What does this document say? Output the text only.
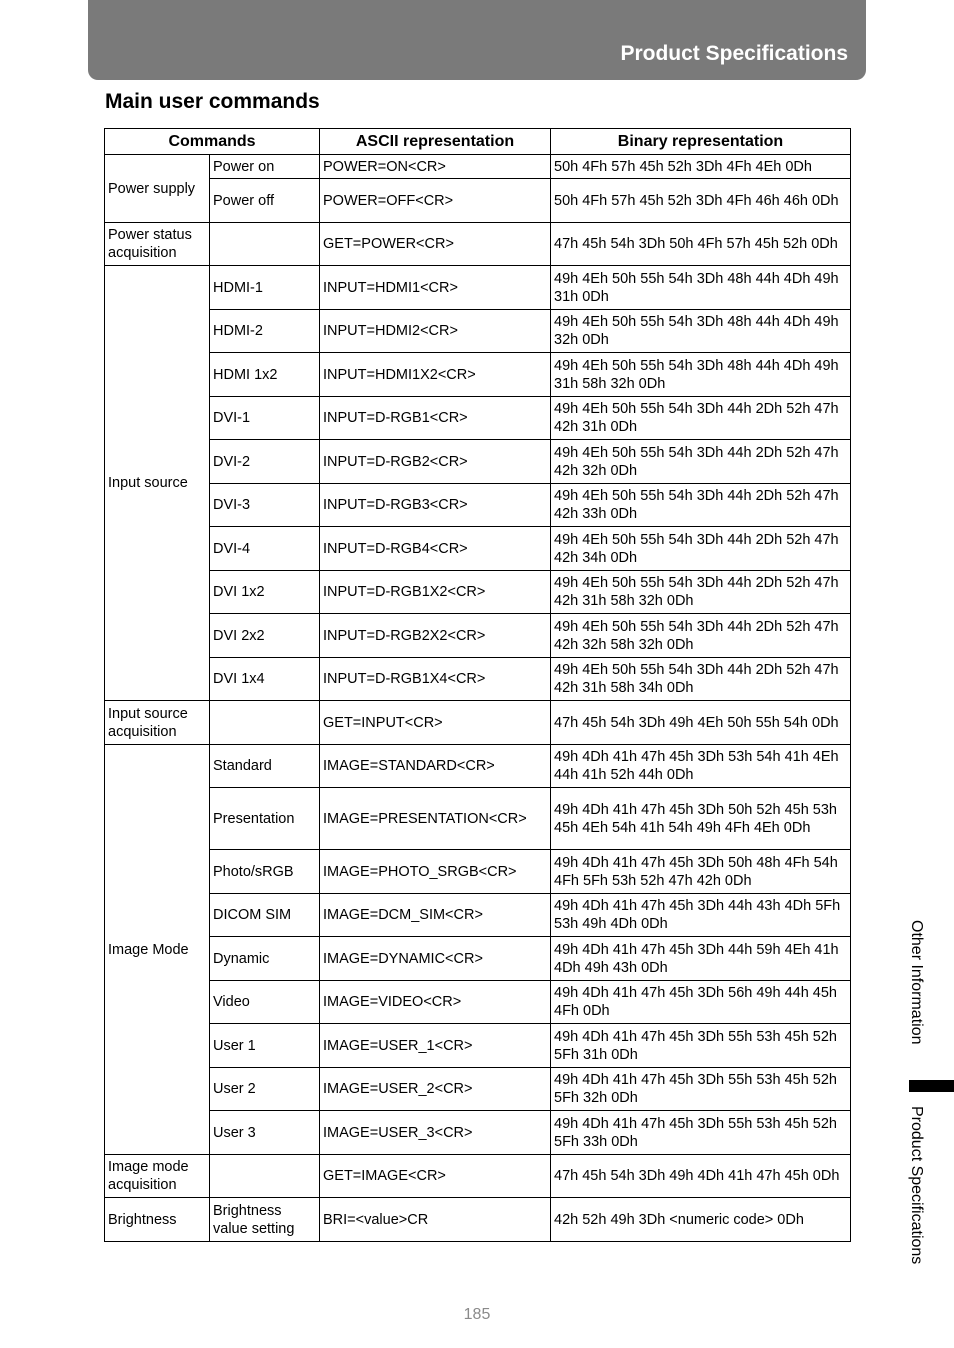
Product Specifications
Main user commands
Commands		ASCII representation	Binary representation
Power supply	Power on	POWER=ON<CR>	50h 4Fh 57h 45h 52h 3Dh 4Fh 4Eh 0Dh
	Power off	POWER=OFF<CR>	50h 4Fh 57h 45h 52h 3Dh 4Fh 46h 46h 0Dh
Power status acquisition		GET=POWER<CR>	47h 45h 54h 3Dh 50h 4Fh 57h 45h 52h 0Dh
Input source	HDMI-1	INPUT=HDMI1<CR>	49h 4Eh 50h 55h 54h 3Dh 48h 44h 4Dh 49h 31h 0Dh
	HDMI-2	INPUT=HDMI2<CR>	49h 4Eh 50h 55h 54h 3Dh 48h 44h 4Dh 49h 32h 0Dh
	HDMI 1x2	INPUT=HDMI1X2<CR>	49h 4Eh 50h 55h 54h 3Dh 48h 44h 4Dh 49h 31h 58h 32h 0Dh
	DVI-1	INPUT=D-RGB1<CR>	49h 4Eh 50h 55h 54h 3Dh 44h 2Dh 52h 47h 42h 31h 0Dh
	DVI-2	INPUT=D-RGB2<CR>	49h 4Eh 50h 55h 54h 3Dh 44h 2Dh 52h 47h 42h 32h 0Dh
	DVI-3	INPUT=D-RGB3<CR>	49h 4Eh 50h 55h 54h 3Dh 44h 2Dh 52h 47h 42h 33h 0Dh
	DVI-4	INPUT=D-RGB4<CR>	49h 4Eh 50h 55h 54h 3Dh 44h 2Dh 52h 47h 42h 34h 0Dh
	DVI 1x2	INPUT=D-RGB1X2<CR>	49h 4Eh 50h 55h 54h 3Dh 44h 2Dh 52h 47h 42h 31h 58h 32h 0Dh
	DVI 2x2	INPUT=D-RGB2X2<CR>	49h 4Eh 50h 55h 54h 3Dh 44h 2Dh 52h 47h 42h 32h 58h 32h 0Dh
	DVI 1x4	INPUT=D-RGB1X4<CR>	49h 4Eh 50h 55h 54h 3Dh 44h 2Dh 52h 47h 42h 31h 58h 34h 0Dh
Input source acquisition		GET=INPUT<CR>	47h 45h 54h 3Dh 49h 4Eh 50h 55h 54h 0Dh
Image Mode	Standard	IMAGE=STANDARD<CR>	49h 4Dh 41h 47h 45h 3Dh 53h 54h 41h 4Eh 44h 41h 52h 44h 0Dh
	Presentation	IMAGE=PRESENTATION<CR>	49h 4Dh 41h 47h 45h 3Dh 50h 52h 45h 53h 45h 4Eh 54h 41h 54h 49h 4Fh 4Eh 0Dh
	Photo/sRGB	IMAGE=PHOTO_SRGB<CR>	49h 4Dh 41h 47h 45h 3Dh 50h 48h 4Fh 54h 4Fh 5Fh 53h 52h 47h 42h 0Dh
	DICOM SIM	IMAGE=DCM_SIM<CR>	49h 4Dh 41h 47h 45h 3Dh 44h 43h 4Dh 5Fh 53h 49h 4Dh 0Dh
	Dynamic	IMAGE=DYNAMIC<CR>	49h 4Dh 41h 47h 45h 3Dh 44h 59h 4Eh 41h 4Dh 49h 43h 0Dh
	Video	IMAGE=VIDEO<CR>	49h 4Dh 41h 47h 45h 3Dh 56h 49h 44h 45h 4Fh 0Dh
	User 1	IMAGE=USER_1<CR>	49h 4Dh 41h 47h 45h 3Dh 55h 53h 45h 52h 5Fh 31h 0Dh
	User 2	IMAGE=USER_2<CR>	49h 4Dh 41h 47h 45h 3Dh 55h 53h 45h 52h 5Fh 32h 0Dh
	User 3	IMAGE=USER_3<CR>	49h 4Dh 41h 47h 45h 3Dh 55h 53h 45h 52h 5Fh 33h 0Dh
Image mode acquisition		GET=IMAGE<CR>	47h 45h 54h 3Dh 49h 4Dh 41h 47h 45h 0Dh
Brightness	Brightness value setting	BRI=<value>CR	42h 52h 49h 3Dh <numeric code> 0Dh
185
Other Information
Product Specifications
